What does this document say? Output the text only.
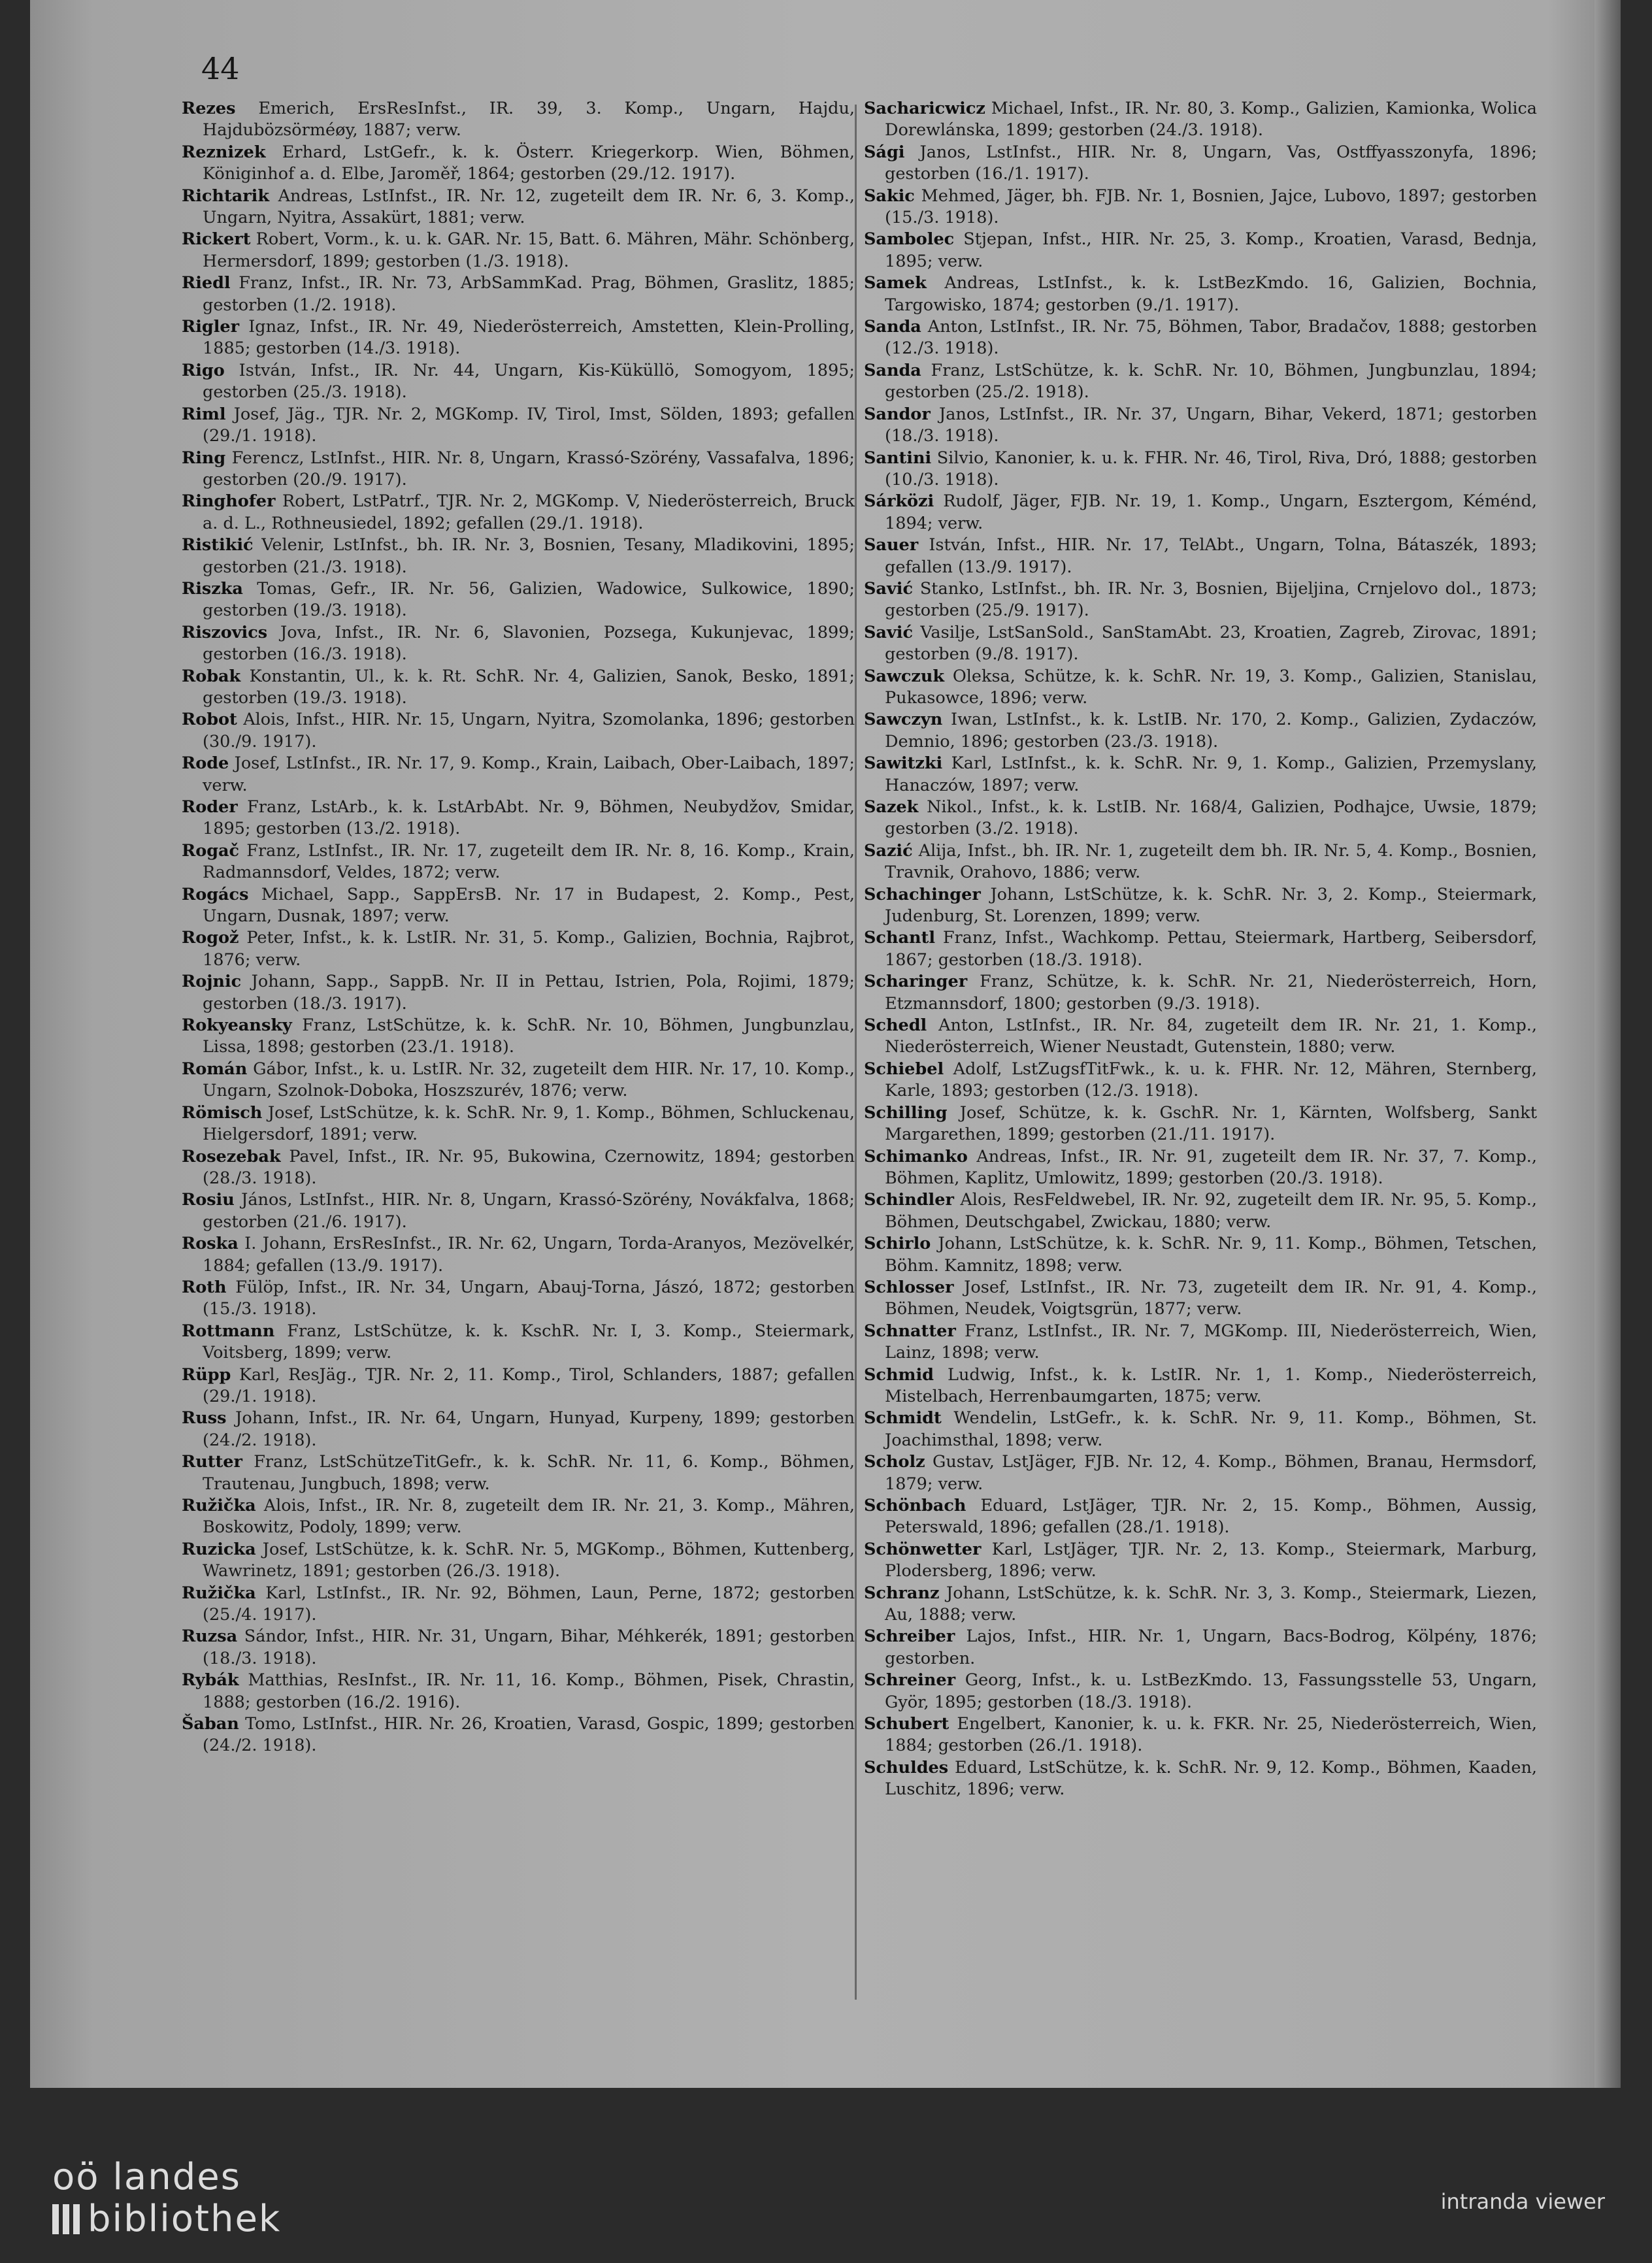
44
Rezes Emerich, ErsResInfst., IR. 39, 3. Komp., Ungarn, Hajdu, Hajdubözsörméøy, 1887; verw.
Reznizek Erhard, LstGefr., k. k. Österr. Kriegerkorp. Wien, Böhmen, Königinhof a. d. Elbe, Jaroměř, 1864; gestorben (29./12. 1917).
Richtarik Andreas, LstInfst., IR. Nr. 12, zugeteilt dem IR. Nr. 6, 3. Komp., Ungarn, Nyitra, Assakürt, 1881; verw.
Rickert Robert, Vorm., k. u. k. GAR. Nr. 15, Batt. 6. Mähren, Mähr. Schönberg, Hermersdorf, 1899; gestorben (1./3. 1918).
Riedl Franz, Infst., IR. Nr. 73, ArbSammKad. Prag, Böhmen, Graslitz, 1885; gestorben (1./2. 1918).
Rigler Ignaz, Infst., IR. Nr. 49, Niederösterreich, Amstetten, Klein-Prolling, 1885; gestorben (14./3. 1918).
Rigo István, Infst., IR. Nr. 44, Ungarn, Kis-Küküllö, Somogyom, 1895; gestorben (25./3. 1918).
Riml Josef, Jäg., TJR. Nr. 2, MGKomp. IV, Tirol, Imst, Sölden, 1893; gefallen (29./1. 1918).
Ring Ferencz, LstInfst., HIR. Nr. 8, Ungarn, Krassó-Szörény, Vassafalva, 1896; gestorben (20./9. 1917).
Ringhofer Robert, LstPatrf., TJR. Nr. 2, MGKomp. V, Niederösterreich, Bruck a. d. L., Rothneusiedel, 1892; gefallen (29./1. 1918).
Ristikić Velenir, LstInfst., bh. IR. Nr. 3, Bosnien, Tesany, Mladikovini, 1895; gestorben (21./3. 1918).
Riszka Tomas, Gefr., IR. Nr. 56, Galizien, Wadowice, Sulkowice, 1890; gestorben (19./3. 1918).
Riszovics Jova, Infst., IR. Nr. 6, Slavonien, Pozsega, Kukunjevac, 1899; gestorben (16./3. 1918).
Robak Konstantin, Ul., k. k. Rt. SchR. Nr. 4, Galizien, Sanok, Besko, 1891; gestorben (19./3. 1918).
Robot Alois, Infst., HIR. Nr. 15, Ungarn, Nyitra, Szomolanka, 1896; gestorben (30./9. 1917).
Rode Josef, LstInfst., IR. Nr. 17, 9. Komp., Krain, Laibach, Ober-Laibach, 1897; verw.
Roder Franz, LstArb., k. k. LstArbAbt. Nr. 9, Böhmen, Neubydžov, Smidar, 1895; gestorben (13./2. 1918).
Rogač Franz, LstInfst., IR. Nr. 17, zugeteilt dem IR. Nr. 8, 16. Komp., Krain, Radmannsdorf, Veldes, 1872; verw.
Rogács Michael, Sapp., SappErsB. Nr. 17 in Budapest, 2. Komp., Pest, Ungarn, Dusnak, 1897; verw.
Rogož Peter, Infst., k. k. LstIR. Nr. 31, 5. Komp., Galizien, Bochnia, Rajbrot, 1876; verw.
Rojnic Johann, Sapp., SappB. Nr. II in Pettau, Istrien, Pola, Rojimi, 1879; gestorben (18./3. 1917).
Rokyeansky Franz, LstSchütze, k. k. SchR. Nr. 10, Böhmen, Jungbunzlau, Lissa, 1898; gestorben (23./1. 1918).
Román Gábor, Infst., k. u. LstIR. Nr. 32, zugeteilt dem HIR. Nr. 17, 10. Komp., Ungarn, Szolnok-Doboka, Hoszszurév, 1876; verw.
Römisch Josef, LstSchütze, k. k. SchR. Nr. 9, 1. Komp., Böhmen, Schluckenau, Hielgersdorf, 1891; verw.
Rosezebak Pavel, Infst., IR. Nr. 95, Bukowina, Czernowitz, 1894; gestorben (28./3. 1918).
Rosiu János, LstInfst., HIR. Nr. 8, Ungarn, Krassó-Szörény, Novákfalva, 1868; gestorben (21./6. 1917).
Roska I. Johann, ErsResInfst., IR. Nr. 62, Ungarn, Torda-Aranyos, Mezövelkér, 1884; gefallen (13./9. 1917).
Roth Fülöp, Infst., IR. Nr. 34, Ungarn, Abauj-Torna, Jászó, 1872; gestorben (15./3. 1918).
Rottmann Franz, LstSchütze, k. k. KschR. Nr. I, 3. Komp., Steiermark, Voitsberg, 1899; verw.
Rüpp Karl, ResJäg., TJR. Nr. 2, 11. Komp., Tirol, Schlanders, 1887; gefallen (29./1. 1918).
Russ Johann, Infst., IR. Nr. 64, Ungarn, Hunyad, Kurpeny, 1899; gestorben (24./2. 1918).
Rutter Franz, LstSchützeTitGefr., k. k. SchR. Nr. 11, 6. Komp., Böhmen, Trautenau, Jungbuch, 1898; verw.
Ružička Alois, Infst., IR. Nr. 8, zugeteilt dem IR. Nr. 21, 3. Komp., Mähren, Boskowitz, Podoly, 1899; verw.
Ruzicka Josef, LstSchütze, k. k. SchR. Nr. 5, MGKomp., Böhmen, Kuttenberg, Wawrinetz, 1891; gestorben (26./3. 1918).
Ružička Karl, LstInfst., IR. Nr. 92, Böhmen, Laun, Perne, 1872; gestorben (25./4. 1917).
Ruzsa Sándor, Infst., HIR. Nr. 31, Ungarn, Bihar, Méhkerék, 1891; gestorben (18./3. 1918).
Rybák Matthias, ResInfst., IR. Nr. 11, 16. Komp., Böhmen, Pisek, Chrastin, 1888; gestorben (16./2. 1916).
Šaban Tomo, LstInfst., HIR. Nr. 26, Kroatien, Varasd, Gospic, 1899; gestorben (24./2. 1918).
Sacharicwicz Michael, Infst., IR. Nr. 80, 3. Komp., Galizien, Kamionka, Wolica Dorewlánska, 1899; gestorben (24./3. 1918).
Sági Janos, LstInfst., HIR. Nr. 8, Ungarn, Vas, Ostffyasszonyfa, 1896; gestorben (16./1. 1917).
Sakic Mehmed, Jäger, bh. FJB. Nr. 1, Bosnien, Jajce, Lubovo, 1897; gestorben (15./3. 1918).
Sambolec Stjepan, Infst., HIR. Nr. 25, 3. Komp., Kroatien, Varasd, Bednja, 1895; verw.
Samek Andreas, LstInfst., k. k. LstBezKmdo. 16, Galizien, Bochnia, Targowisko, 1874; gestorben (9./1. 1917).
Sanda Anton, LstInfst., IR. Nr. 75, Böhmen, Tabor, Bradačov, 1888; gestorben (12./3. 1918).
Sanda Franz, LstSchütze, k. k. SchR. Nr. 10, Böhmen, Jungbunzlau, 1894; gestorben (25./2. 1918).
Sandor Janos, LstInfst., IR. Nr. 37, Ungarn, Bihar, Vekerd, 1871; gestorben (18./3. 1918).
Santini Silvio, Kanonier, k. u. k. FHR. Nr. 46, Tirol, Riva, Dró, 1888; gestorben (10./3. 1918).
Sárközi Rudolf, Jäger, FJB. Nr. 19, 1. Komp., Ungarn, Esztergom, Kéménd, 1894; verw.
Sauer István, Infst., HIR. Nr. 17, TelAbt., Ungarn, Tolna, Bátaszék, 1893; gefallen (13./9. 1917).
Savić Stanko, LstInfst., bh. IR. Nr. 3, Bosnien, Bijeljina, Crnjelovo dol., 1873; gestorben (25./9. 1917).
Savić Vasilje, LstSanSold., SanStamAbt. 23, Kroatien, Zagreb, Zirovac, 1891; gestorben (9./8. 1917).
Sawczuk Oleksa, Schütze, k. k. SchR. Nr. 19, 3. Komp., Galizien, Stanislau, Pukasowce, 1896; verw.
Sawczyn Iwan, LstInfst., k. k. LstIB. Nr. 170, 2. Komp., Galizien, Zydaczów, Demnio, 1896; gestorben (23./3. 1918).
Sawitzki Karl, LstInfst., k. k. SchR. Nr. 9, 1. Komp., Galizien, Przemyslany, Hanaczów, 1897; verw.
Sazek Nikol., Infst., k. k. LstIB. Nr. 168/4, Galizien, Podhajce, Uwsie, 1879; gestorben (3./2. 1918).
Sazić Alija, Infst., bh. IR. Nr. 1, zugeteilt dem bh. IR. Nr. 5, 4. Komp., Bosnien, Travnik, Orahovo, 1886; verw.
Schachinger Johann, LstSchütze, k. k. SchR. Nr. 3, 2. Komp., Steiermark, Judenburg, St. Lorenzen, 1899; verw.
Schantl Franz, Infst., Wachkomp. Pettau, Steiermark, Hartberg, Seibersdorf, 1867; gestorben (18./3. 1918).
Scharinger Franz, Schütze, k. k. SchR. Nr. 21, Niederösterreich, Horn, Etzmannsdorf, 1800; gestorben (9./3. 1918).
Schedl Anton, LstInfst., IR. Nr. 84, zugeteilt dem IR. Nr. 21, 1. Komp., Niederösterreich, Wiener Neustadt, Gutenstein, 1880; verw.
Schiebel Adolf, LstZugsfTitFwk., k. u. k. FHR. Nr. 12, Mähren, Sternberg, Karle, 1893; gestorben (12./3. 1918).
Schilling Josef, Schütze, k. k. GschR. Nr. 1, Kärnten, Wolfsberg, Sankt Margarethen, 1899; gestorben (21./11. 1917).
Schimanko Andreas, Infst., IR. Nr. 91, zugeteilt dem IR. Nr. 37, 7. Komp., Böhmen, Kaplitz, Umlowitz, 1899; gestorben (20./3. 1918).
Schindler Alois, ResFeldwebel, IR. Nr. 92, zugeteilt dem IR. Nr. 95, 5. Komp., Böhmen, Deutschgabel, Zwickau, 1880; verw.
Schirlo Johann, LstSchütze, k. k. SchR. Nr. 9, 11. Komp., Böhmen, Tetschen, Böhm. Kamnitz, 1898; verw.
Schlosser Josef, LstInfst., IR. Nr. 73, zugeteilt dem IR. Nr. 91, 4. Komp., Böhmen, Neudek, Voigtsgrün, 1877; verw.
Schnatter Franz, LstInfst., IR. Nr. 7, MGKomp. III, Niederösterreich, Wien, Lainz, 1898; verw.
Schmid Ludwig, Infst., k. k. LstIR. Nr. 1, 1. Komp., Niederösterreich, Mistelbach, Herrenbaumgarten, 1875; verw.
Schmidt Wendelin, LstGefr., k. k. SchR. Nr. 9, 11. Komp., Böhmen, St. Joachimsthal, 1898; verw.
Scholz Gustav, LstJäger, FJB. Nr. 12, 4. Komp., Böhmen, Branau, Hermsdorf, 1879; verw.
Schönbach Eduard, LstJäger, TJR. Nr. 2, 15. Komp., Böhmen, Aussig, Peterswald, 1896; gefallen (28./1. 1918).
Schönwetter Karl, LstJäger, TJR. Nr. 2, 13. Komp., Steiermark, Marburg, Plodersberg, 1896; verw.
Schranz Johann, LstSchütze, k. k. SchR. Nr. 3, 3. Komp., Steiermark, Liezen, Au, 1888; verw.
Schreiber Lajos, Infst., HIR. Nr. 1, Ungarn, Bacs-Bodrog, Kölpény, 1876; gestorben.
Schreiner Georg, Infst., k. u. LstBezKmdo. 13, Fassungsstelle 53, Ungarn, Györ, 1895; gestorben (18./3. 1918).
Schubert Engelbert, Kanonier, k. u. k. FKR. Nr. 25, Niederösterreich, Wien, 1884; gestorben (26./1. 1918).
Schuldes Eduard, LstSchütze, k. k. SchR. Nr. 9, 12. Komp., Böhmen, Kaaden, Luschitz, 1896; verw.
oö landes
bibliothek	intranda viewer
